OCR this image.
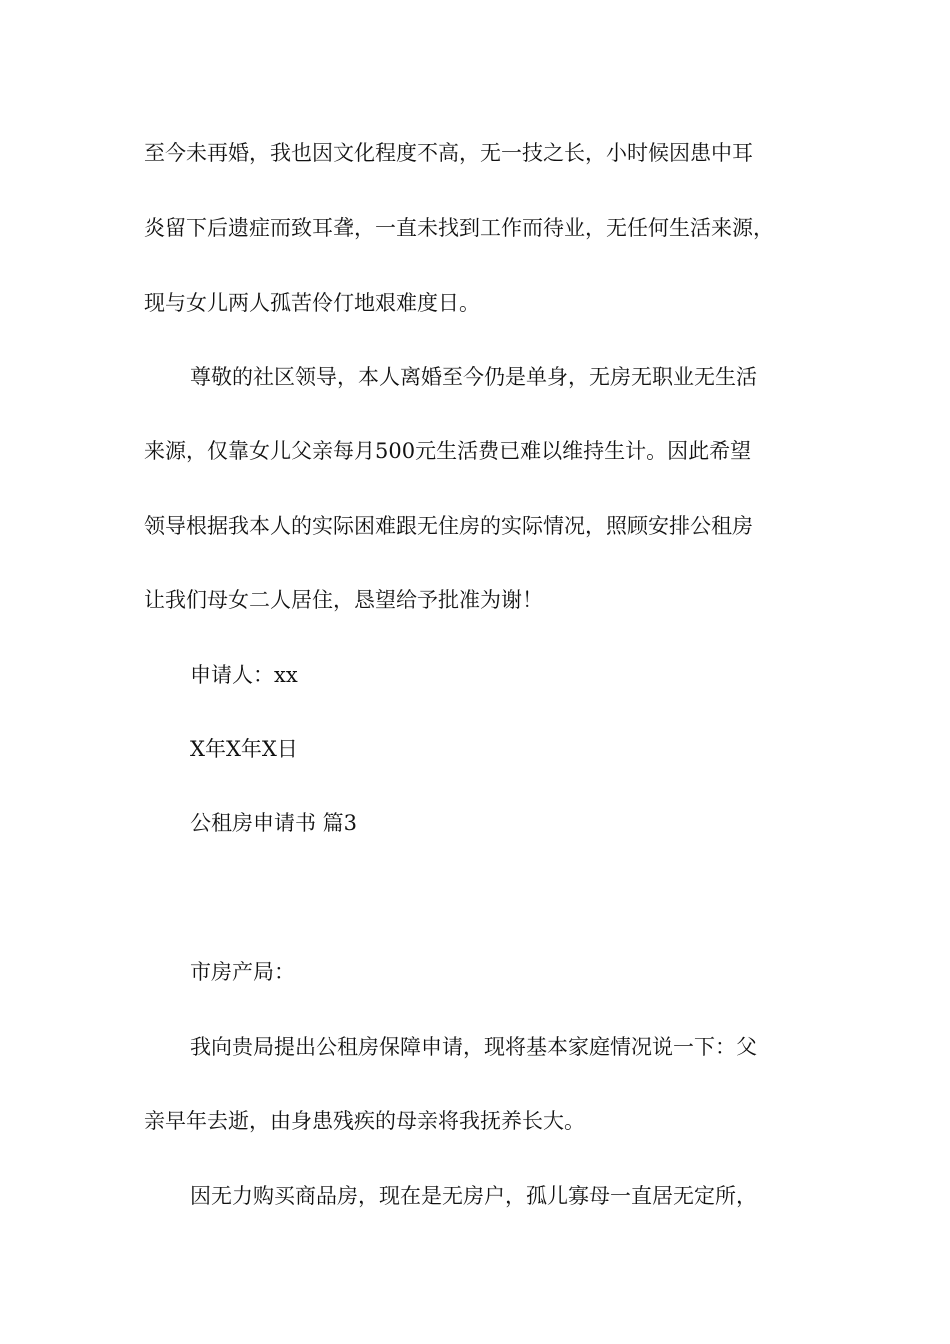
至今未再婚，我也因文化程度不高，无一技之长，小时候因患中耳
炎留下后遗症而致耳聋，一直未找到工作而待业，无任何生活来源，
现与女儿两人孤苦伶仃地艰难度日。
尊敬的社区领导，本人离婚至今仍是单身，无房无职业无生活
来源，仅靠女儿父亲每月500元生活费已难以维持生计。因此希望
领导根据我本人的实际困难跟无住房的实际情况，照顾安排公租房
让我们母女二人居住，恳望给予批准为谢！
申请人：xx
X年X年X日
公租房申请书 篇3
市房产局：
我向贵局提出公租房保障申请，现将基本家庭情况说一下：父
亲早年去逝，由身患残疾的母亲将我抚养长大。
因无力购买商品房，现在是无房户，孤儿寡母一直居无定所，
